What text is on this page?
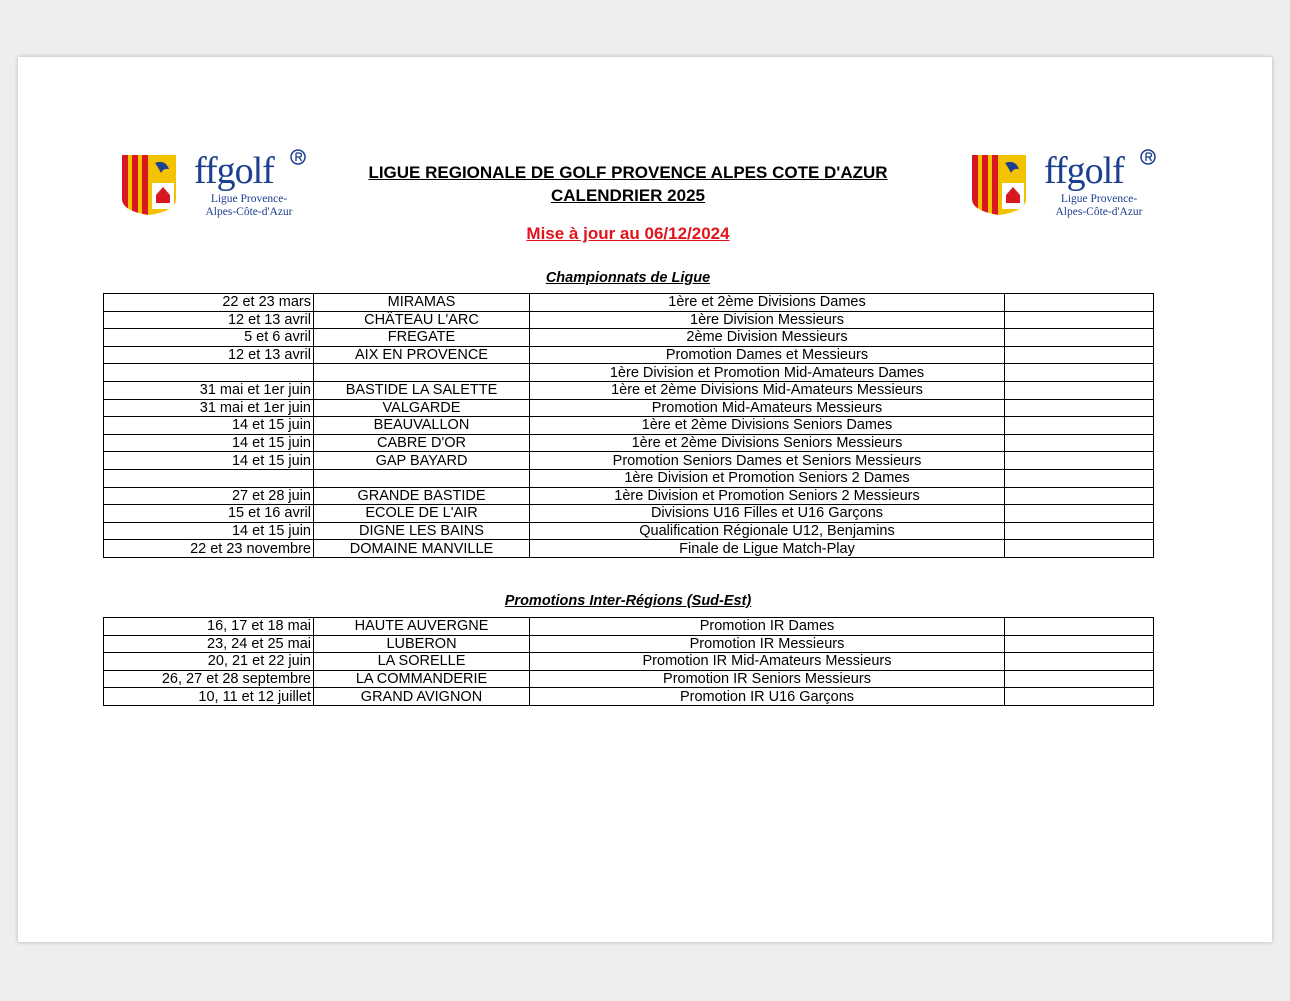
ffgolf
Ligue Provence-
Alpes-Côte-d'Azur
ffgolf
Ligue Provence-
Alpes-Côte-d'Azur
LIGUE REGIONALE DE GOLF PROVENCE ALPES COTE D'AZUR
CALENDRIER 2025
Mise à jour au 06/12/2024
Championnats de Ligue
22 et 23 mars	MIRAMAS	1ère et 2ème Divisions Dames	
12 et 13 avril	CHÂTEAU L'ARC	1ère Division Messieurs	
5 et 6 avril	FREGATE	2ème Division Messieurs	
12 et 13 avril	AIX EN PROVENCE	Promotion Dames et Messieurs	
		1ère Division et Promotion Mid-Amateurs Dames	
31 mai et 1er juin	BASTIDE LA SALETTE	1ère et 2ème Divisions Mid-Amateurs Messieurs	
31 mai et 1er juin	VALGARDE	Promotion Mid-Amateurs Messieurs	
14 et 15 juin	BEAUVALLON	1ère et 2ème Divisions Seniors Dames	
14 et 15 juin	CABRE D'OR	1ère et 2ème Divisions Seniors Messieurs	
14 et 15 juin	GAP BAYARD	Promotion Seniors Dames et Seniors Messieurs	
		1ère Division et Promotion Seniors 2 Dames	
27 et 28 juin	GRANDE BASTIDE	1ère Division et Promotion Seniors 2 Messieurs	
15 et 16 avril	ECOLE DE L'AIR	Divisions U16 Filles et U16 Garçons	
14 et 15 juin	DIGNE LES BAINS	Qualification Régionale U12, Benjamins	
22 et 23 novembre	DOMAINE MANVILLE	Finale de Ligue Match-Play	
Promotions Inter-Régions (Sud-Est)
16, 17 et 18 mai	HAUTE AUVERGNE	Promotion IR Dames	
23, 24 et 25 mai	LUBERON	Promotion IR Messieurs	
20, 21 et 22 juin	LA SORELLE	Promotion IR Mid-Amateurs Messieurs	
26, 27 et 28 septembre	LA COMMANDERIE	Promotion IR Seniors Messieurs	
10, 11 et 12 juillet	GRAND AVIGNON	Promotion IR U16 Garçons	
